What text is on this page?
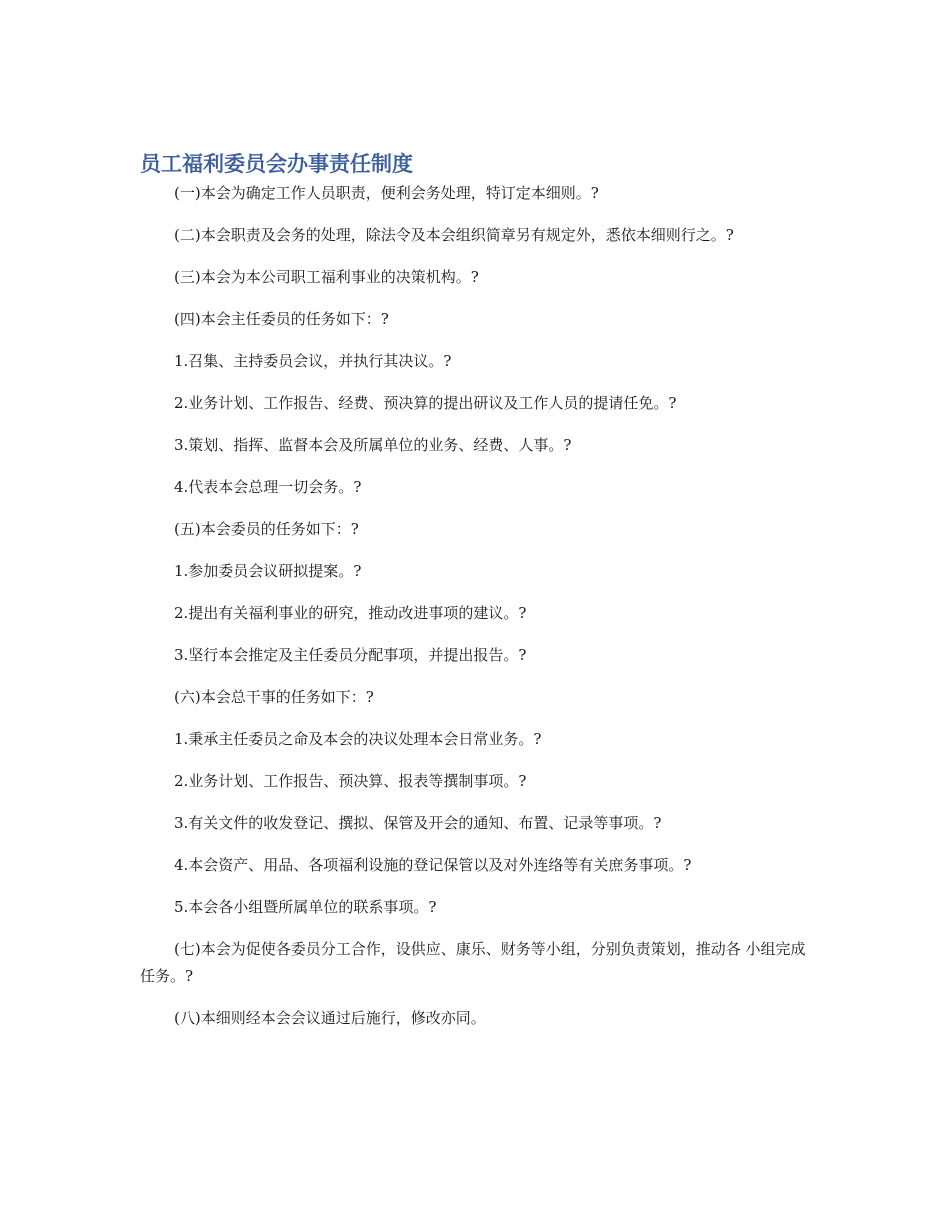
员工福利委员会办事责任制度

(一)本会为确定工作人员职责，便利会务处理，特订定本细则。?

(二)本会职责及会务的处理，除法令及本会组织简章另有规定外，悉依本细则行之。?

(三)本会为本公司职工福利事业的决策机构。?

(四)本会主任委员的任务如下：?

1.召集、主持委员会议，并执行其决议。?

2.业务计划、工作报告、经费、预决算的提出研议及工作人员的提请任免。?

3.策划、指挥、监督本会及所属单位的业务、经费、人事。?

4.代表本会总理一切会务。?

(五)本会委员的任务如下：?

1.参加委员会议研拟提案。?

2.提出有关福利事业的研究，推动改进事项的建议。?

3.坚行本会推定及主任委员分配事项，并提出报告。?

(六)本会总干事的任务如下：?

1.秉承主任委员之命及本会的决议处理本会日常业务。?

2.业务计划、工作报告、预决算、报表等撰制事项。?

3.有关文件的收发登记、撰拟、保管及开会的通知、布置、记录等事项。?

4.本会资产、用品、各项福利设施的登记保管以及对外连络等有关庶务事项。?

5.本会各小组暨所属单位的联系事项。?

(七)本会为促使各委员分工合作，设供应、康乐、财务等小组，分别负责策划，推动各 小组完成任务。?

(八)本细则经本会会议通过后施行，修改亦同。
